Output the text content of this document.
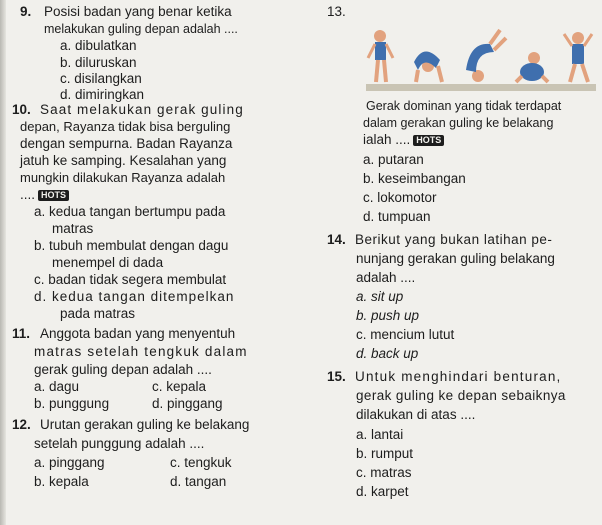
9. Posisi badan yang benar ketika	13.
melakukan guling depan adalah ....
a. dibulatkan
b. diluruskan
c. disilangkan
d. dimiringkan
10. Saat melakukan gerak guling
depan, Rayanza tidak bisa berguling
dengan sempurna. Badan Rayanza
jatuh ke samping. Kesalahan yang
mungkin dilakukan Rayanza adalah
.... HOTS
a. kedua tangan bertumpu pada
matras
b. tubuh membulat dengan dagu
menempel di dada
c. badan tidak segera membulat
d. kedua tangan ditempelkan
pada matras
11. Anggota badan yang menyentuh
matras setelah tengkuk dalam
gerak guling depan adalah ....
a. dagu	c. kepala
b. punggung	d. pinggang
12. Urutan gerakan guling ke belakang
setelah punggung adalah ....
a. pinggang	c. tengkuk
b. kepala	d. tangan
Gerak dominan yang tidak terdapat
dalam gerakan guling ke belakang
ialah .... HOTS
a. putaran
b. keseimbangan
c. lokomotor
d. tumpuan
14. Berikut yang bukan latihan pe-
nunjang gerakan guling belakang
adalah ....
a. sit up
b. push up
c. mencium lutut
d. back up
15. Untuk menghindari benturan,
gerak guling ke depan sebaiknya
dilakukan di atas ....
a. lantai
b. rumput
c. matras
d. karpet
